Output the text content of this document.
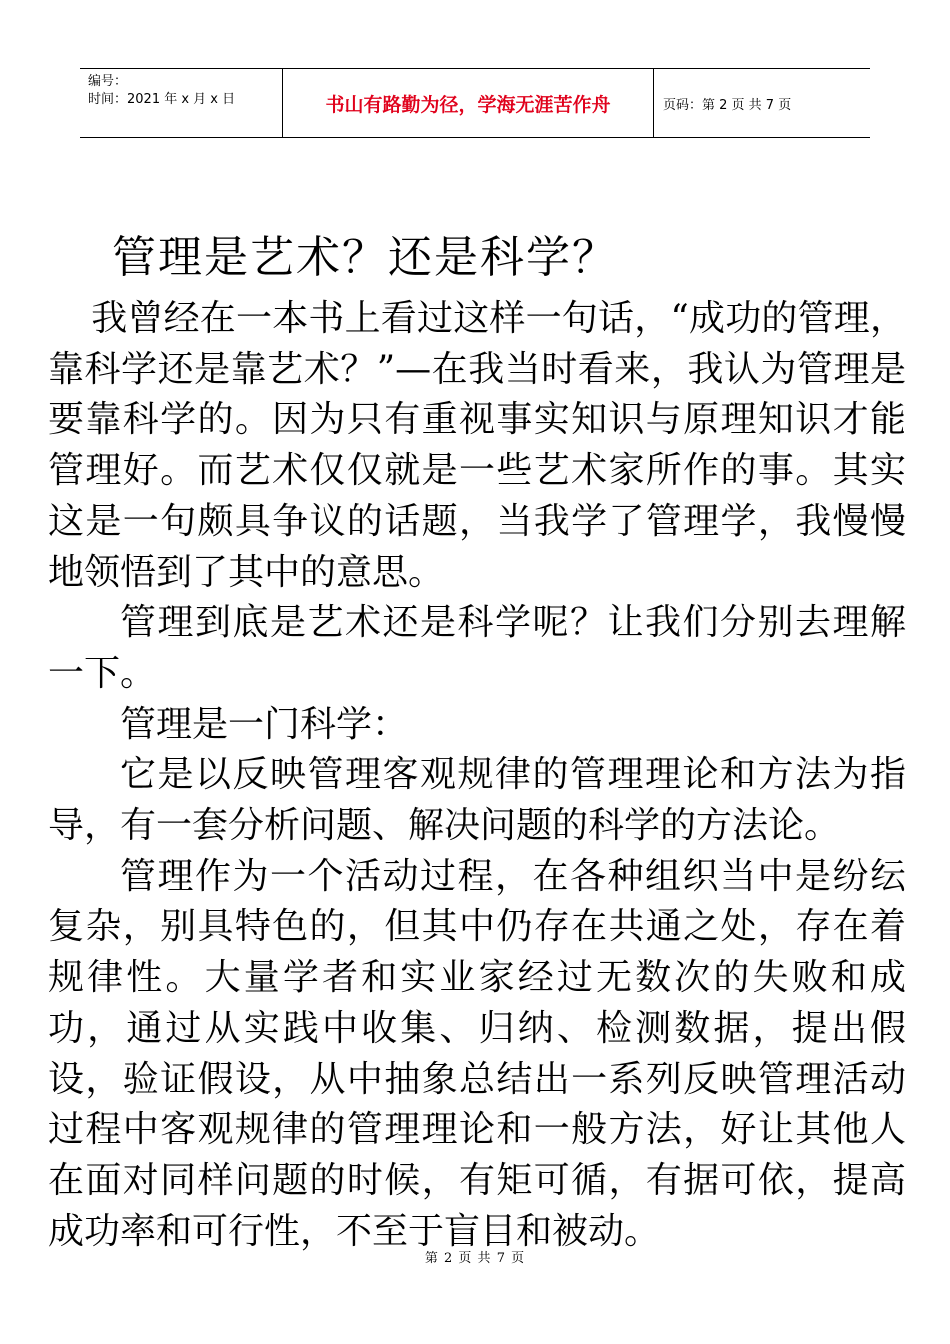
编号：
时间：2021 年 x 月 x 日	书山有路勤为径，学海无涯苦作舟	页码：第 2 页 共 7 页
管理是艺术？还是科学？

我曾经在一本书上看过这样一句话，“成功的管理，靠科学还是靠艺术？”—在我当时看来，我认为管理是要靠科学的。因为只有重视事实知识与原理知识才能管理好。而艺术仅仅就是一些艺术家所作的事。其实这是一句颇具争议的话题，当我学了管理学，我慢慢地领悟到了其中的意思。

管理到底是艺术还是科学呢？让我们分别去理解一下。

管理是一门科学：

它是以反映管理客观规律的管理理论和方法为指导，有一套分析问题、解决问题的科学的方法论。

管理作为一个活动过程，在各种组织当中是纷纭复杂，别具特色的，但其中仍存在共通之处，存在着规律性。大量学者和实业家经过无数次的失败和成功，通过从实践中收集、归纳、检测数据，提出假设，验证假设，从中抽象总结出一系列反映管理活动过程中客观规律的管理理论和一般方法，好让其他人在面对同样问题的时候，有矩可循，有据可依，提高成功率和可行性，不至于盲目和被动。

第 2 页 共 7 页
